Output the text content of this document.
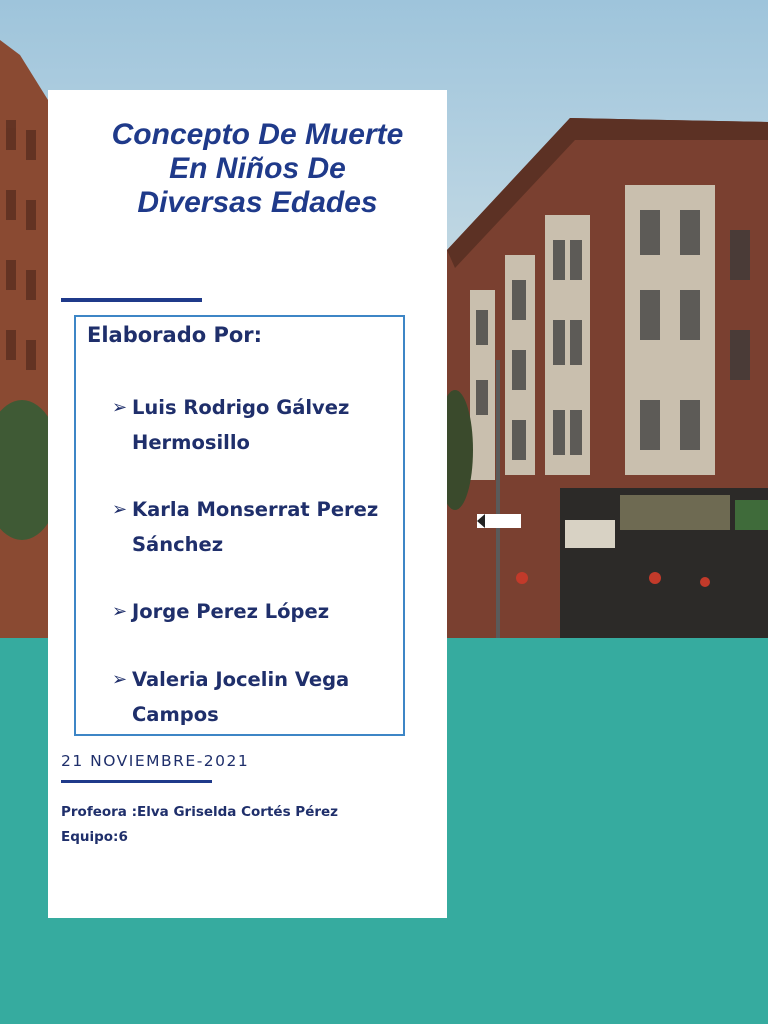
Concepto De Muerte
En Niños De
Diversas Edades
Elaborado Por:
➢ Luis Rodrigo Gálvez
Hermosillo
➢ Karla Monserrat Perez
Sánchez
➢ Jorge Perez López
➢ Valeria Jocelin Vega
Campos
21 NOVIEMBRE-2021
Profeora :Elva Griselda Cortés Pérez
Equipo:6
